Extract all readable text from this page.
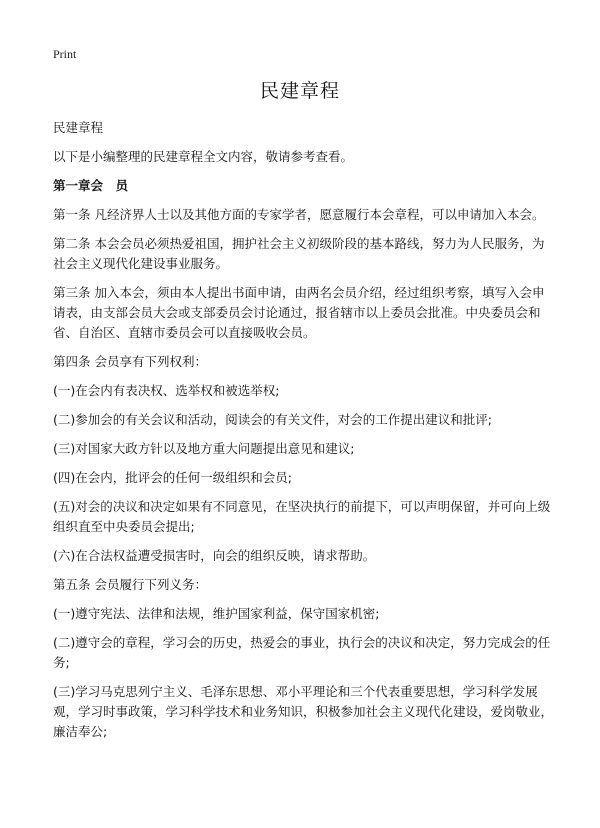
Print
民建章程

民建章程

以下是小编整理的民建章程全文内容，敬请参考查看。

第一章会　员

第一条 凡经济界人士以及其他方面的专家学者，愿意履行本会章程，可以申请加入本会。

第二条 本会会员必须热爱祖国，拥护社会主义初级阶段的基本路线，努力为人民服务，为社会主义现代化建设事业服务。

第三条 加入本会，须由本人提出书面申请，由两名会员介绍，经过组织考察，填写入会申请表，由支部会员大会或支部委员会讨论通过，报省辖市以上委员会批准。中央委员会和省、自治区、直辖市委员会可以直接吸收会员。

第四条 会员享有下列权利：

(一)在会内有表决权、选举权和被选举权;

(二)参加会的有关会议和活动，阅读会的有关文件，对会的工作提出建议和批评;

(三)对国家大政方针以及地方重大问题提出意见和建议;

(四)在会内，批评会的任何一级组织和会员;

(五)对会的决议和决定如果有不同意见，在坚决执行的前提下，可以声明保留，并可向上级组织直至中央委员会提出;

(六)在合法权益遭受损害时，向会的组织反映，请求帮助。

第五条 会员履行下列义务：

(一)遵守宪法、法律和法规，维护国家利益，保守国家机密;

(二)遵守会的章程，学习会的历史，热爱会的事业，执行会的决议和决定，努力完成会的任务;

(三)学习马克思列宁主义、毛泽东思想、邓小平理论和三个代表重要思想，学习科学发展观，学习时事政策，学习科学技术和业务知识，积极参加社会主义现代化建设，爱岗敬业，廉洁奉公;
